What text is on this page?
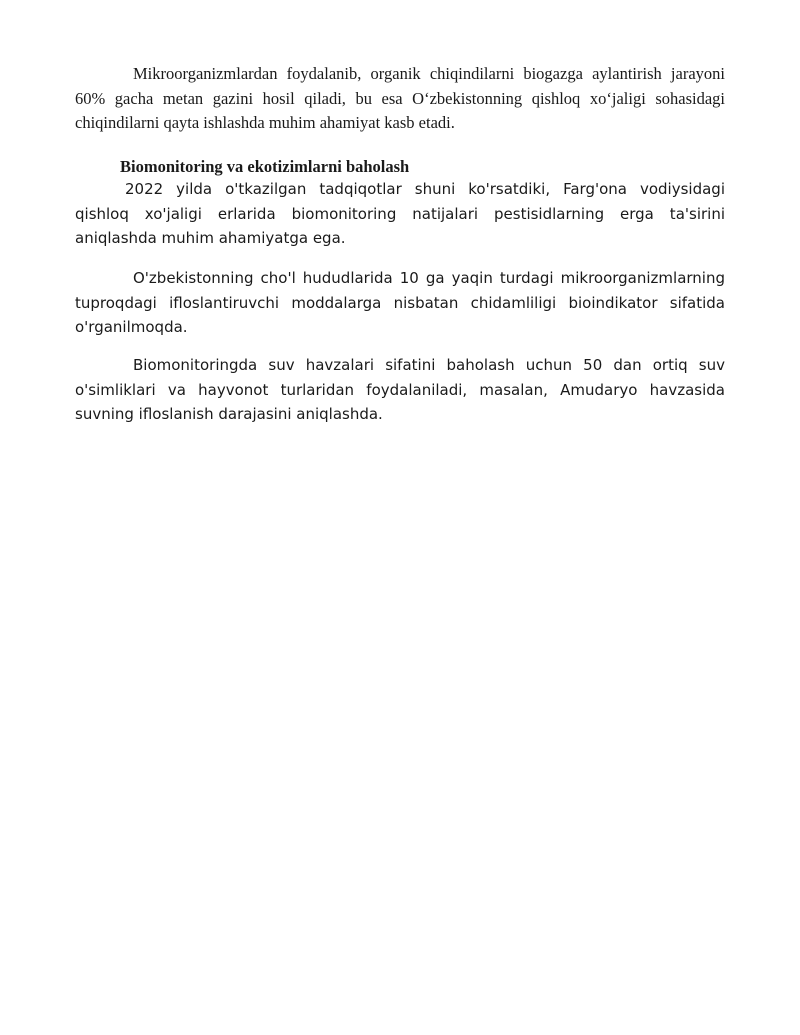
Mikroorganizmlardan foydalanib, organik chiqindilarni biogazga aylantirish jarayoni 60% gacha metan gazini hosil qiladi, bu esa O‘zbekistonning qishloq xo‘jaligi sohasidagi chiqindilarni qayta ishlashda muhim ahamiyat kasb etadi.

Biomonitoring va ekotizimlarni baholash

2022 yilda o'tkazilgan tadqiqotlar shuni ko'rsatdiki, Farg'ona vodiysidagi qishloq xo'jaligi erlarida biomonitoring natijalari pestisidlarning erga ta'sirini aniqlashda muhim ahamiyatga ega.

O'zbekistonning cho'l hududlarida 10 ga yaqin turdagi mikroorganizmlarning tuproqdagi ifloslantiruvchi moddalarga nisbatan chidamliligi bioindikator sifatida o'rganilmoqda.

Biomonitoringda suv havzalari sifatini baholash uchun 50 dan ortiq suv o'simliklari va hayvonot turlaridan foydalaniladi, masalan, Amudaryo havzasida suvning ifloslanish darajasini aniqlashda.
